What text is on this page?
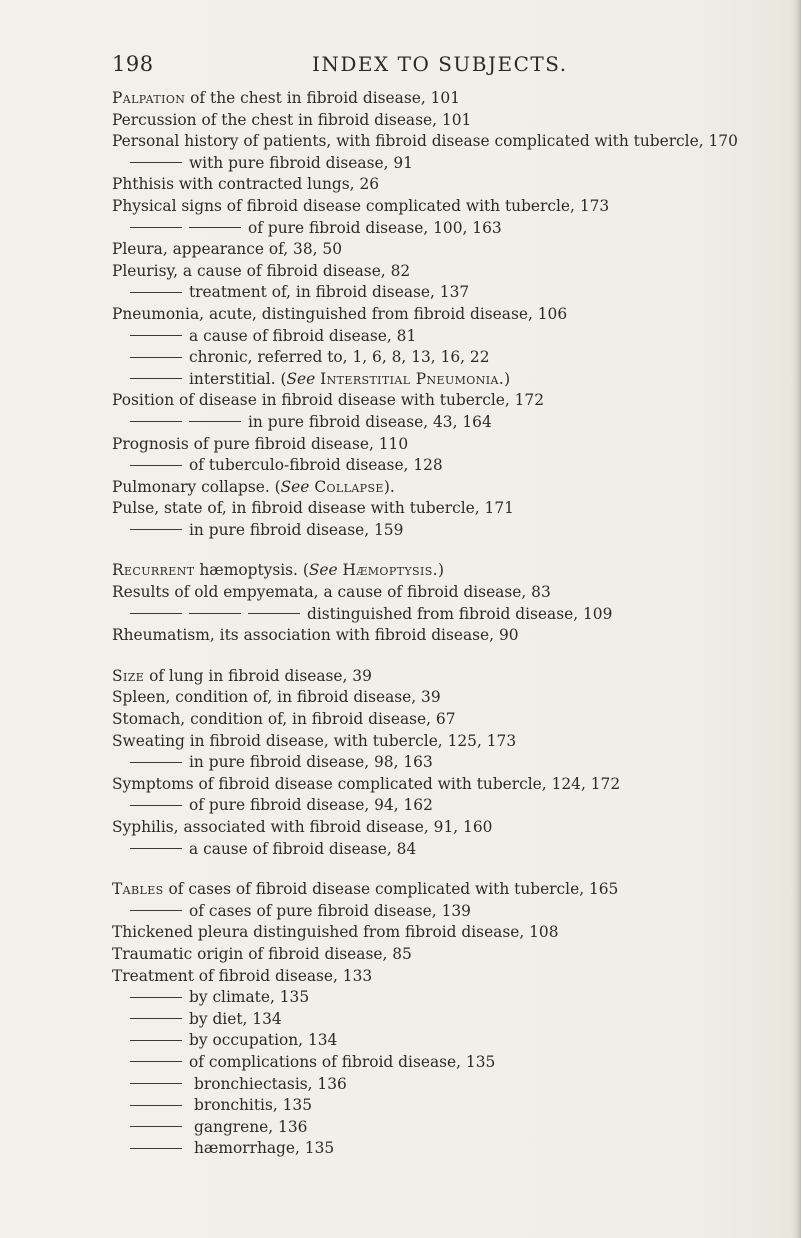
198	INDEX TO SUBJECTS.
Palpation of the chest in fibroid disease, 101
Percussion of the chest in fibroid disease, 101
Personal history of patients, with fibroid disease complicated with tubercle, 170
with pure fibroid disease, 91
Phthisis with contracted lungs, 26
Physical signs of fibroid disease complicated with tubercle, 173
of pure fibroid disease, 100, 163
Pleura, appearance of, 38, 50
Pleurisy, a cause of fibroid disease, 82
treatment of, in fibroid disease, 137
Pneumonia, acute, distinguished from fibroid disease, 106
a cause of fibroid disease, 81
chronic, referred to, 1, 6, 8, 13, 16, 22
interstitial. (See Interstitial Pneumonia.)
Position of disease in fibroid disease with tubercle, 172
in pure fibroid disease, 43, 164
Prognosis of pure fibroid disease, 110
of tuberculo-fibroid disease, 128
Pulmonary collapse. (See Collapse).
Pulse, state of, in fibroid disease with tubercle, 171
in pure fibroid disease, 159
Recurrent hæmoptysis. (See Hæmoptysis.)
Results of old empyemata, a cause of fibroid disease, 83
distinguished from fibroid disease, 109
Rheumatism, its association with fibroid disease, 90
Size of lung in fibroid disease, 39
Spleen, condition of, in fibroid disease, 39
Stomach, condition of, in fibroid disease, 67
Sweating in fibroid disease, with tubercle, 125, 173
in pure fibroid disease, 98, 163
Symptoms of fibroid disease complicated with tubercle, 124, 172
of pure fibroid disease, 94, 162
Syphilis, associated with fibroid disease, 91, 160
a cause of fibroid disease, 84
Tables of cases of fibroid disease complicated with tubercle, 165
of cases of pure fibroid disease, 139
Thickened pleura distinguished from fibroid disease, 108
Traumatic origin of fibroid disease, 85
Treatment of fibroid disease, 133
by climate, 135
by diet, 134
by occupation, 134
of complications of fibroid disease, 135
bronchiectasis, 136
bronchitis, 135
gangrene, 136
hæmorrhage, 135
